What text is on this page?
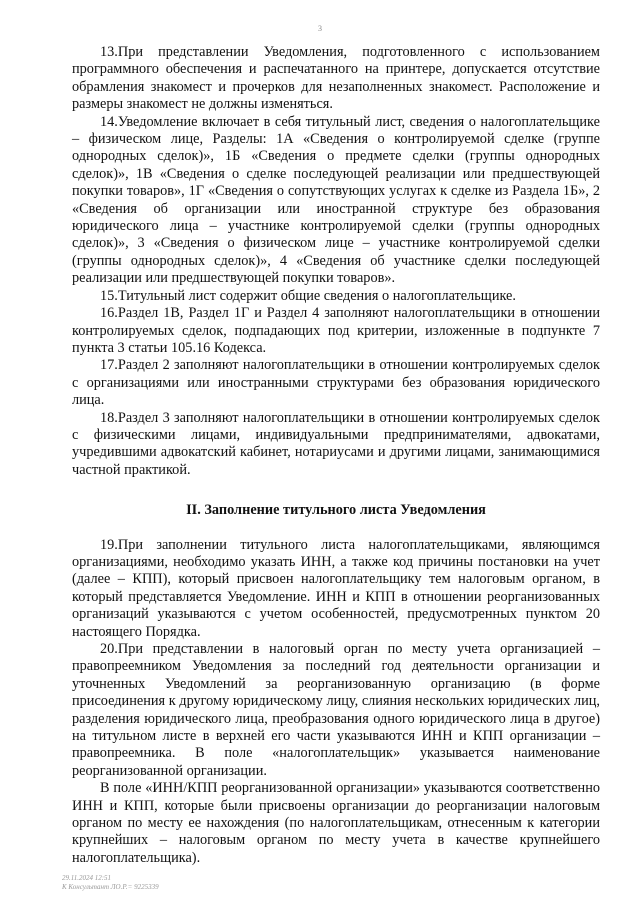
3

13.При представлении Уведомления, подготовленного с использованием программного обеспечения и распечатанного на принтере, допускается отсутствие обрамления знакомест и прочерков для незаполненных знакомест. Расположение и размеры знакомест не должны изменяться.

14.Уведомление включает в себя титульный лист, сведения о налогоплательщике – физическом лице, Разделы: 1А «Сведения о контролируемой сделке (группе однородных сделок)», 1Б «Сведения о предмете сделки (группы однородных сделок)», 1В «Сведения о сделке последующей реализации или предшествующей покупки товаров», 1Г «Сведения о сопутствующих услугах к сделке из Раздела 1Б», 2 «Сведения об организации или иностранной структуре без образования юридического лица – участнике контролируемой сделки (группы однородных сделок)», 3 «Сведения о физическом лице – участнике контролируемой сделки (группы однородных сделок)», 4 «Сведения об участнике сделки последующей реализации или предшествующей покупки товаров».

15.Титульный лист содержит общие сведения о налогоплательщике.

16.Раздел 1В, Раздел 1Г и Раздел 4 заполняют налогоплательщики в отношении контролируемых сделок, подпадающих под критерии, изложенные в подпункте 7 пункта 3 статьи 105.16 Кодекса.

17.Раздел 2 заполняют налогоплательщики в отношении контролируемых сделок с организациями или иностранными структурами без образования юридического лица.

18.Раздел 3 заполняют налогоплательщики в отношении контролируемых сделок с физическими лицами, индивидуальными предпринимателями, адвокатами, учредившими адвокатский кабинет, нотариусами и другими лицами, занимающимися частной практикой.

II. Заполнение титульного листа Уведомления

19.При заполнении титульного листа налогоплательщиками, являющимся организациями, необходимо указать ИНН, а также код причины постановки на учет (далее – КПП), который присвоен налогоплательщику тем налоговым органом, в который представляется Уведомление. ИНН и КПП в отношении реорганизованных организаций указываются с учетом особенностей, предусмотренных пунктом 20 настоящего Порядка.

20.При представлении в налоговый орган по месту учета организацией – правопреемником Уведомления за последний год деятельности организации и уточненных Уведомлений за реорганизованную организацию (в форме присоединения к другому юридическому лицу, слияния нескольких юридических лиц, разделения юридического лица, преобразования одного юридического лица в другое) на титульном листе в верхней его части указываются ИНН и КПП организации – правопреемника. В поле «налогоплательщик» указывается наименование реорганизованной организации.

В поле «ИНН/КПП реорганизованной организации» указываются соответственно ИНН и КПП, которые были присвоены организации до реорганизации налоговым органом по месту ее нахождения (по налогоплательщикам, отнесенным к категории крупнейших – налоговым органом по месту учета в качестве крупнейшего налогоплательщика).

29.11.2024 12:51
К Консультант ЛО.Р.= 9225339
